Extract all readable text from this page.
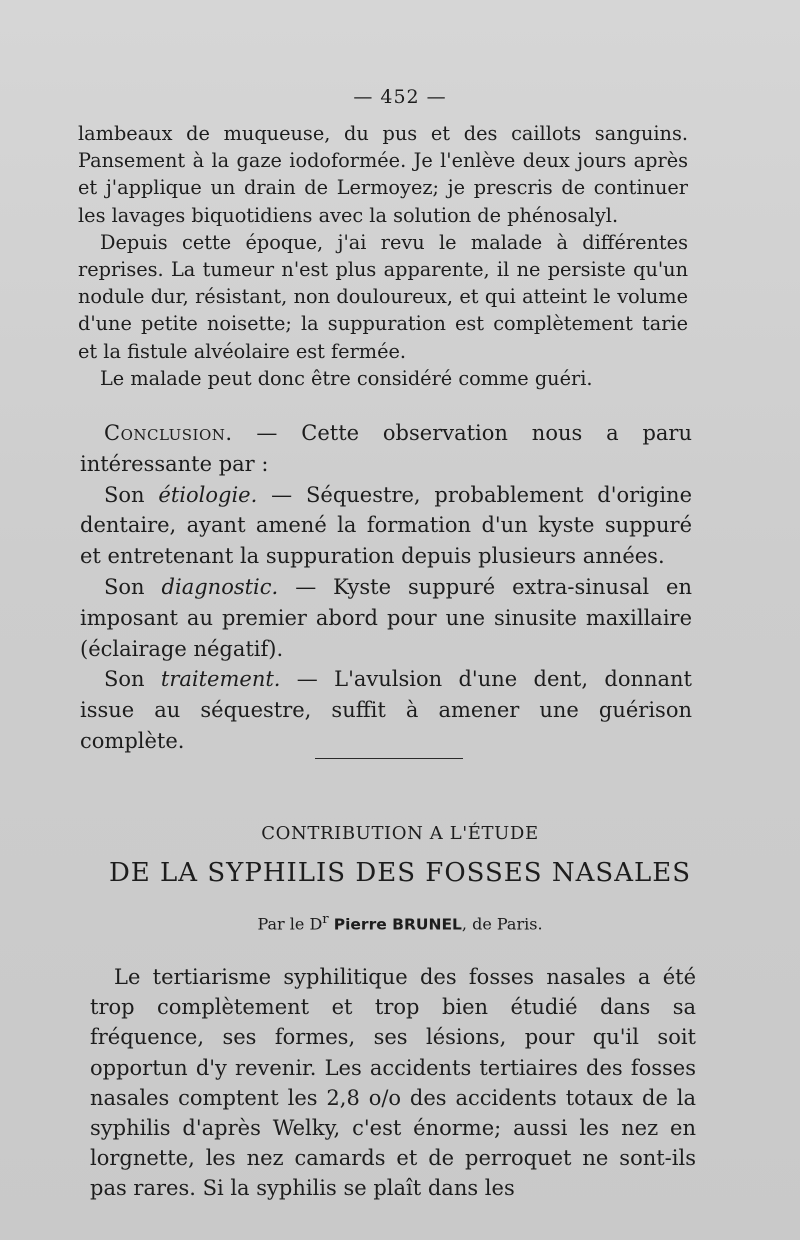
— 452 —

lambeaux de muqueuse, du pus et des caillots sanguins. Pansement à la gaze iodoformée. Je l'enlève deux jours après et j'applique un drain de Lermoyez; je prescris de continuer les lavages biquotidiens avec la solution de phénosalyl.

Depuis cette époque, j'ai revu le malade à différentes reprises. La tumeur n'est plus apparente, il ne persiste qu'un nodule dur, résistant, non douloureux, et qui atteint le volume d'une petite noisette; la suppuration est complètement tarie et la fistule alvéolaire est fermée.

Le malade peut donc être considéré comme guéri.

Conclusion. — Cette observation nous a paru intéressante par :

Son étiologie. — Séquestre, probablement d'origine dentaire, ayant amené la formation d'un kyste suppuré et entretenant la suppuration depuis plusieurs années.

Son diagnostic. — Kyste suppuré extra-sinusal en imposant au premier abord pour une sinusite maxillaire (éclairage négatif).

Son traitement. — L'avulsion d'une dent, donnant issue au séquestre, suffit à amener une guérison complète.

CONTRIBUTION A L'ÉTUDE
DE LA SYPHILIS DES FOSSES NASALES
Par le $D^r$ Pierre BRUNEL, de Paris.

Le tertiarisme syphilitique des fosses nasales a été trop complètement et trop bien étudié dans sa fréquence, ses formes, ses lésions, pour qu'il soit opportun d'y revenir. Les accidents tertiaires des fosses nasales comptent les 2,8 o/o des accidents totaux de la syphilis d'après Welky, c'est énorme; aussi les nez en lorgnette, les nez camards et de perroquet ne sont-ils pas rares. Si la syphilis se plaît dans les
